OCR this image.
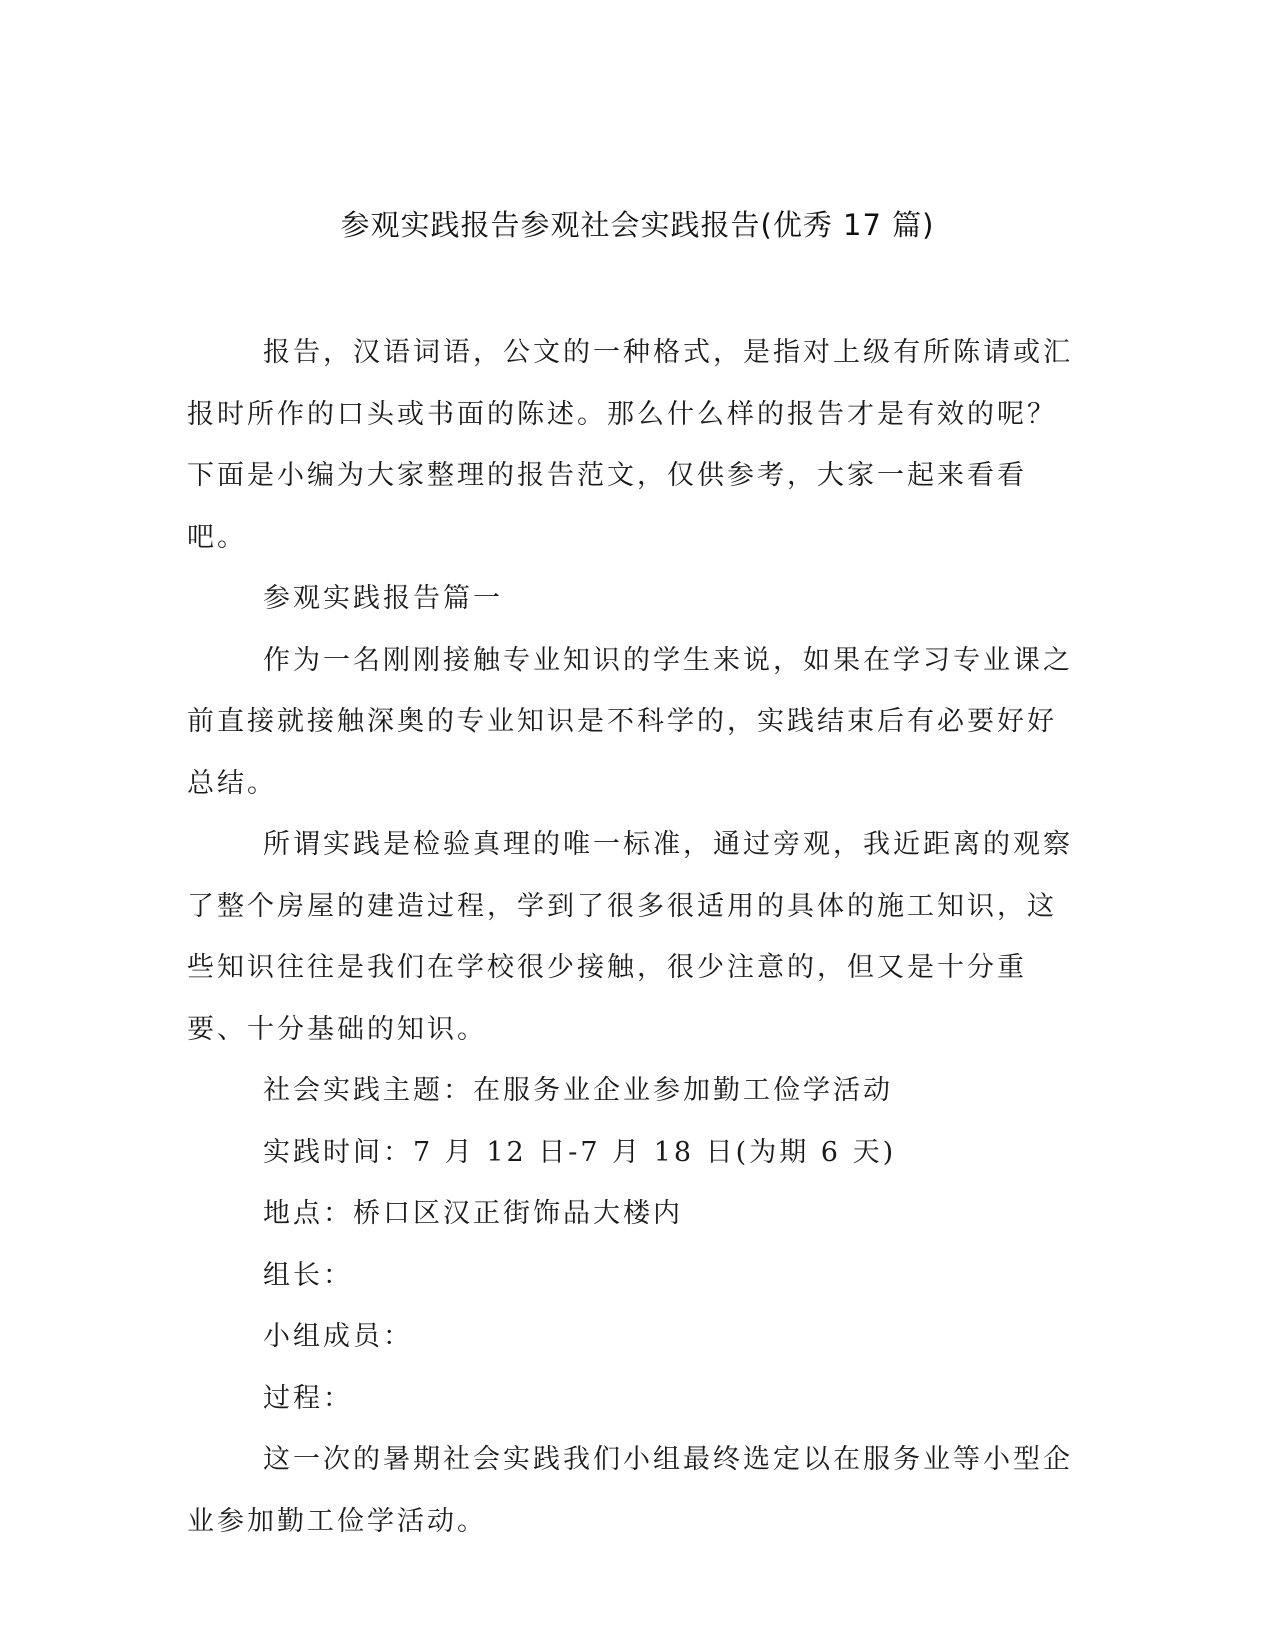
参观实践报告参观社会实践报告(优秀 17 篇)

报告，汉语词语，公文的一种格式，是指对上级有所陈请或汇报时所作的口头或书面的陈述。那么什么样的报告才是有效的呢？下面是小编为大家整理的报告范文，仅供参考，大家一起来看看吧。

参观实践报告篇一

作为一名刚刚接触专业知识的学生来说，如果在学习专业课之前直接就接触深奥的专业知识是不科学的，实践结束后有必要好好总结。

所谓实践是检验真理的唯一标准，通过旁观，我近距离的观察了整个房屋的建造过程，学到了很多很适用的具体的施工知识，这些知识往往是我们在学校很少接触，很少注意的，但又是十分重要、十分基础的知识。

社会实践主题：在服务业企业参加勤工俭学活动

实践时间：7 月 12 日-7 月 18 日(为期 6 天)

地点：桥口区汉正街饰品大楼内

组长：

小组成员：

过程：

这一次的暑期社会实践我们小组最终选定以在服务业等小型企业参加勤工俭学活动。
